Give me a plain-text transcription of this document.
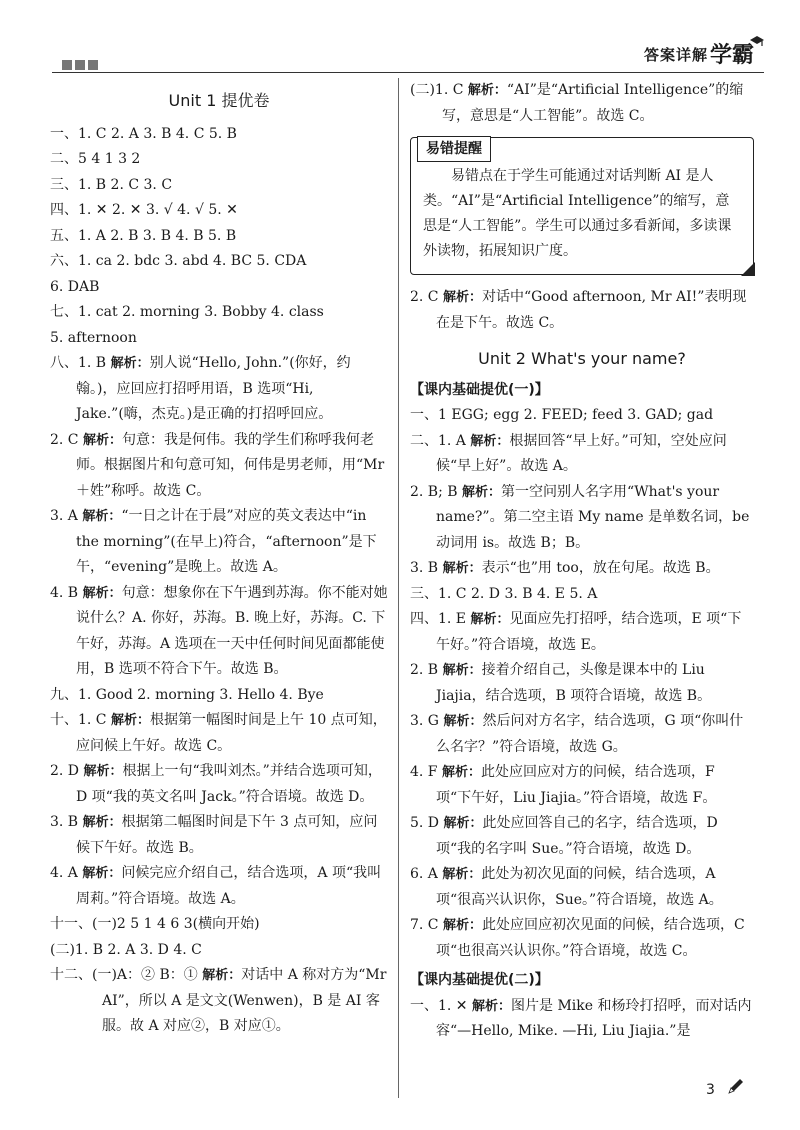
答案详解 学霸
Unit 1 提优卷

一、1. C 2. A 3. B 4. C 5. B

二、5 4 1 3 2

三、1. B 2. C 3. C

四、1. ✕ 2. ✕ 3. √ 4. √ 5. ✕

五、1. A 2. B 3. B 4. B 5. B

六、1. ca 2. bdc 3. abd 4. BC 5. CDA

6. DAB

七、1. cat 2. morning 3. Bobby 4. class

5. afternoon

八、1. B 解析：别人说“Hello, John.”(你好，约翰。)，应回应打招呼用语，B 选项“Hi, Jake.”(嗨，杰克。)是正确的打招呼回应。

2. C 解析：句意：我是何伟。我的学生们称呼我何老师。根据图片和句意可知，何伟是男老师，用“Mr＋姓”称呼。故选 C。

3. A 解析：“一日之计在于晨”对应的英文表达中“in the morning”(在早上)符合，“afternoon”是下午，“evening”是晚上。故选 A。

4. B 解析：句意：想象你在下午遇到苏海。你不能对她说什么？A. 你好，苏海。B. 晚上好，苏海。C. 下午好，苏海。A 选项在一天中任何时间见面都能使用，B 选项不符合下午。故选 B。

九、1. Good 2. morning 3. Hello 4. Bye

十、1. C 解析：根据第一幅图时间是上午 10 点可知，应问候上午好。故选 C。

2. D 解析：根据上一句“我叫刘杰。”并结合选项可知，D 项“我的英文名叫 Jack。”符合语境。故选 D。

3. B 解析：根据第二幅图时间是下午 3 点可知，应问候下午好。故选 B。

4. A 解析：问候完应介绍自己，结合选项，A 项“我叫周莉。”符合语境。故选 A。

十一、(一)2 5 1 4 6 3(横向开始)

(二)1. B 2. A 3. D 4. C

十二、(一)A：② B：① 解析：对话中 A 称对方为“Mr AI”，所以 A 是文文(Wenwen)，B 是 AI 客服。故 A 对应②，B 对应①。

(二)1. C 解析：“AI”是“Artificial Intelligence”的缩写，意思是“人工智能”。故选 C。

易错提醒

易错点在于学生可能通过对话判断 AI 是人类。“AI”是“Artificial Intelligence”的缩写，意思是“人工智能”。学生可以通过多看新闻，多读课外读物，拓展知识广度。

2. C 解析：对话中“Good afternoon, Mr AI!”表明现在是下午。故选 C。

Unit 2 What's your name?
【课内基础提优(一)】

一、1 EGG; egg 2. FEED; feed 3. GAD; gad

二、1. A 解析：根据回答“早上好。”可知，空处应问候“早上好”。故选 A。

2. B; B 解析：第一空问别人名字用“What's your name?”。第二空主语 My name 是单数名词，be 动词用 is。故选 B；B。

3. B 解析：表示“也”用 too，放在句尾。故选 B。

三、1. C 2. D 3. B 4. E 5. A

四、1. E 解析：见面应先打招呼，结合选项，E 项“下午好。”符合语境，故选 E。

2. B 解析：接着介绍自己，头像是课本中的 Liu Jiajia，结合选项，B 项符合语境，故选 B。

3. G 解析：然后问对方名字，结合选项，G 项“你叫什么名字？”符合语境，故选 G。

4. F 解析：此处应回应对方的问候，结合选项，F 项“下午好，Liu Jiajia。”符合语境，故选 F。

5. D 解析：此处应回答自己的名字，结合选项，D 项“我的名字叫 Sue。”符合语境，故选 D。

6. A 解析：此处为初次见面的问候，结合选项，A 项“很高兴认识你，Sue。”符合语境，故选 A。

7. C 解析：此处应回应初次见面的问候，结合选项，C 项“也很高兴认识你。”符合语境，故选 C。

【课内基础提优(二)】

一、1. ✕ 解析：图片是 Mike 和杨玲打招呼，而对话内容“—Hello, Mike. —Hi, Liu Jiajia.”是

3
